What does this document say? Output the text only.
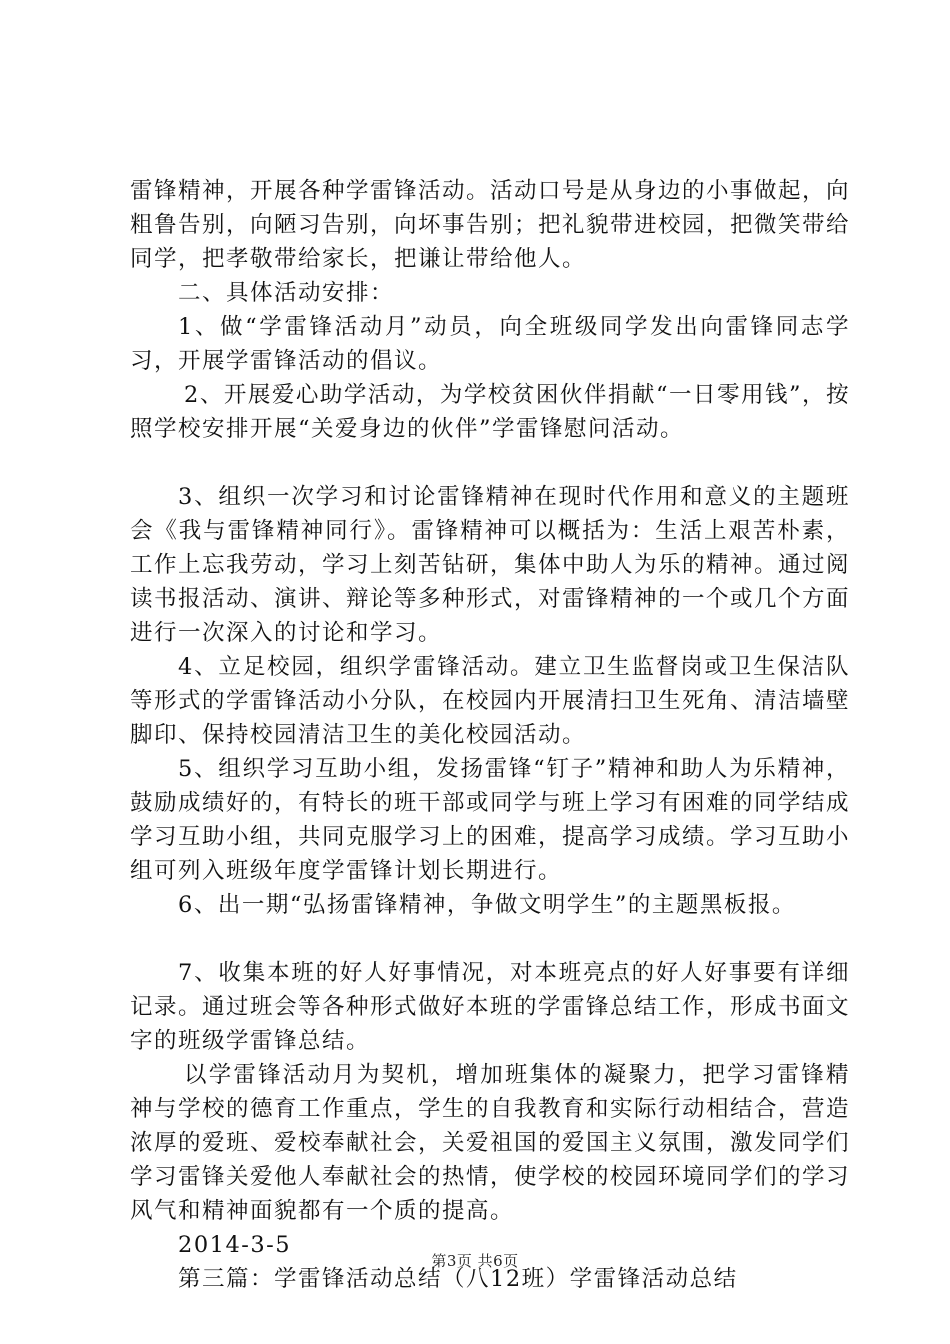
雷锋精神，开展各种学雷锋活动。活动口号是从身边的小事做起，向粗鲁告别，向陋习告别，向坏事告别；把礼貌带进校园，把微笑带给同学，把孝敬带给家长，把谦让带给他人。

二、具体活动安排：

1、做“学雷锋活动月”动员，向全班级同学发出向雷锋同志学习，开展学雷锋活动的倡议。

2、开展爱心助学活动，为学校贫困伙伴捐献“一日零用钱”，按照学校安排开展“关爱身边的伙伴”学雷锋慰问活动。

3、组织一次学习和讨论雷锋精神在现时代作用和意义的主题班会《我与雷锋精神同行》。雷锋精神可以概括为：生活上艰苦朴素，工作上忘我劳动，学习上刻苦钻研，集体中助人为乐的精神。通过阅读书报活动、演讲、辩论等多种形式，对雷锋精神的一个或几个方面进行一次深入的讨论和学习。

4、立足校园，组织学雷锋活动。建立卫生监督岗或卫生保洁队等形式的学雷锋活动小分队，在校园内开展清扫卫生死角、清洁墙壁脚印、保持校园清洁卫生的美化校园活动。

5、组织学习互助小组，发扬雷锋“钉子”精神和助人为乐精神，鼓励成绩好的，有特长的班干部或同学与班上学习有困难的同学结成学习互助小组，共同克服学习上的困难，提高学习成绩。学习互助小组可列入班级年度学雷锋计划长期进行。

6、出一期“弘扬雷锋精神，争做文明学生”的主题黑板报。

7、收集本班的好人好事情况，对本班亮点的好人好事要有详细记录。通过班会等各种形式做好本班的学雷锋总结工作，形成书面文字的班级学雷锋总结。

以学雷锋活动月为契机，增加班集体的凝聚力，把学习雷锋精神与学校的德育工作重点，学生的自我教育和实际行动相结合，营造浓厚的爱班、爱校奉献社会，关爱祖国的爱国主义氛围，激发同学们学习雷锋关爱他人奉献社会的热情，使学校的校园环境同学们的学习风气和精神面貌都有一个质的提高。

2014-3-5

第三篇：学雷锋活动总结（八12班）学雷锋活动总结

第3页 共6页
